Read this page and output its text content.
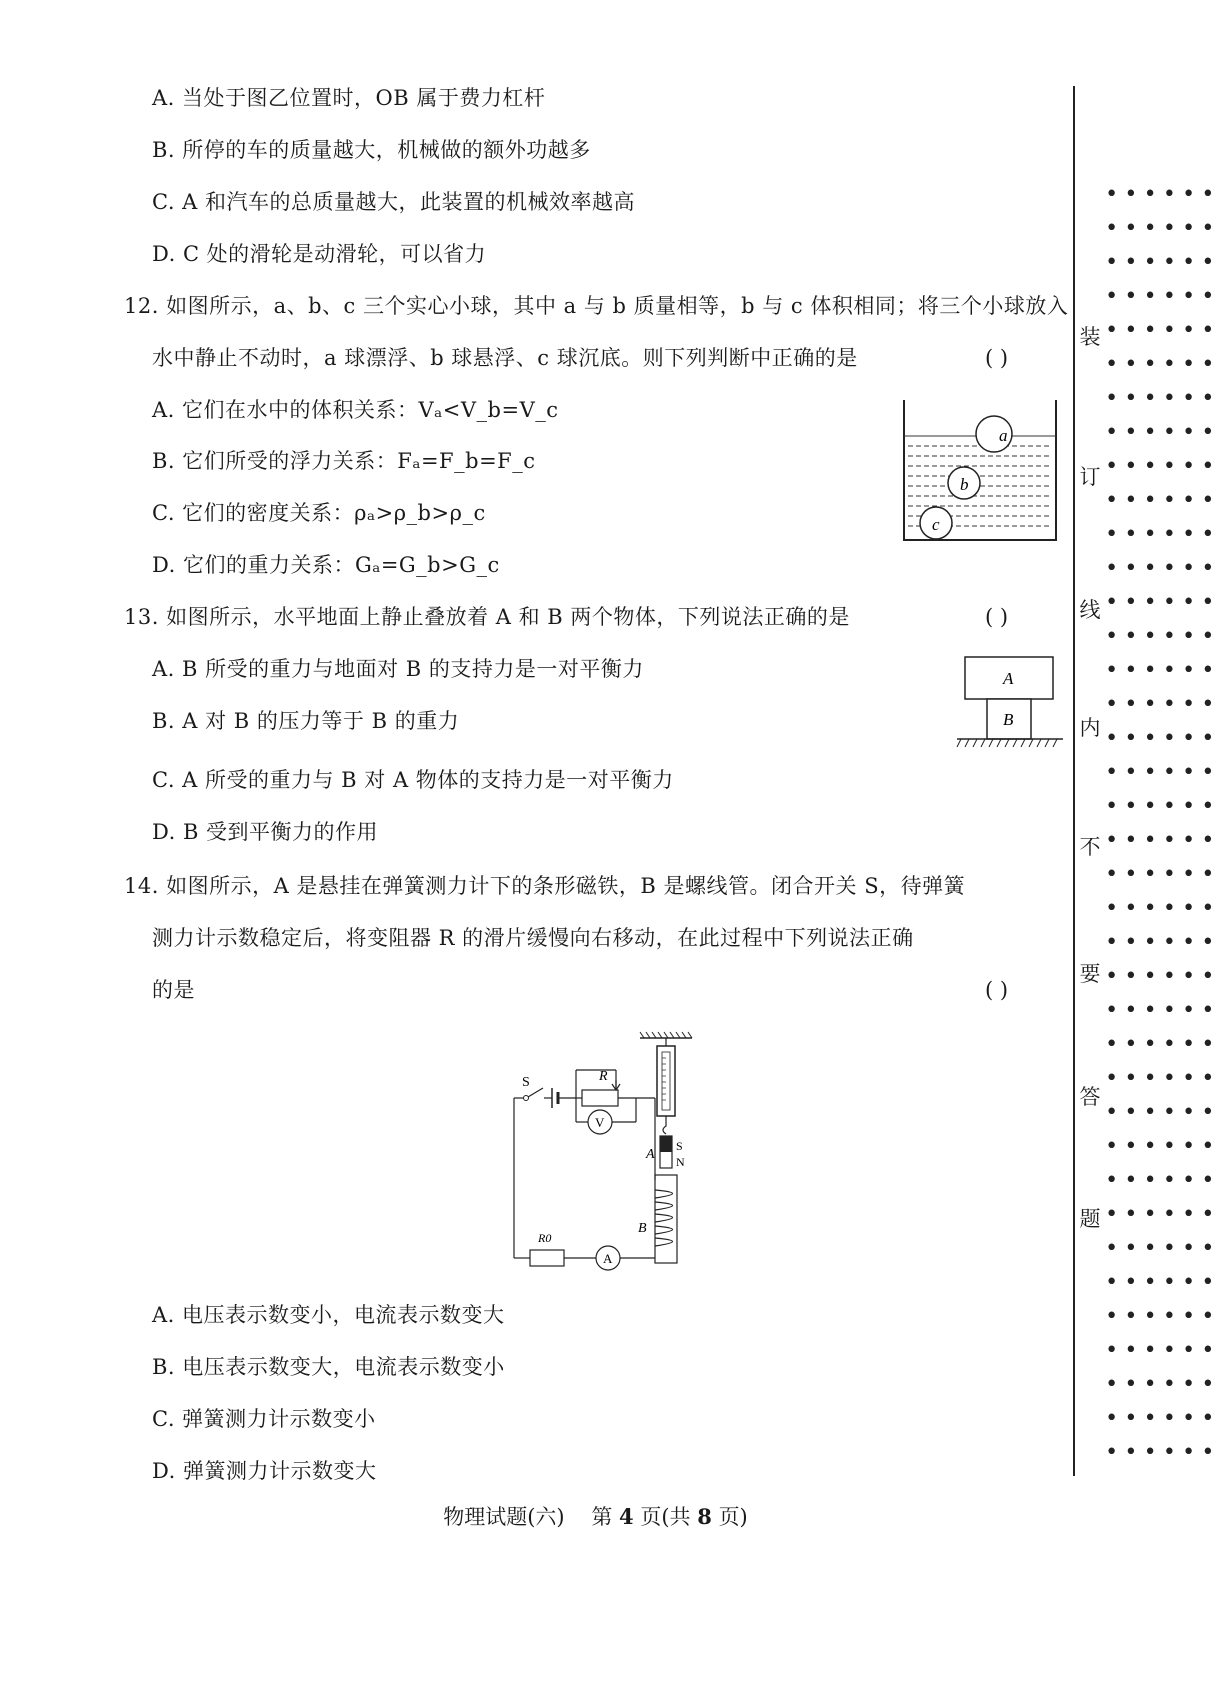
A. 当处于图乙位置时，OB 属于费力杠杆
B. 所停的车的质量越大，机械做的额外功越多
C. A 和汽车的总质量越大，此装置的机械效率越高
D. C 处的滑轮是动滑轮，可以省力
12. 如图所示，a、b、c 三个实心小球，其中 a 与 b 质量相等，b 与 c 体积相同；将三个小球放入
水中静止不动时，a 球漂浮、b 球悬浮、c 球沉底。则下列判断中正确的是	( )
A. 它们在水中的体积关系：Vₐ<V_b=V_c
B. 它们所受的浮力关系：Fₐ=F_b=F_c
C. 它们的密度关系：ρₐ>ρ_b>ρ_c
D. 它们的重力关系：Gₐ=G_b>G_c
a
b
c
13. 如图所示，水平地面上静止叠放着 A 和 B 两个物体，下列说法正确的是	( )
A. B 所受的重力与地面对 B 的支持力是一对平衡力
B. A 对 B 的压力等于 B 的重力
C. A 所受的重力与 B 对 A 物体的支持力是一对平衡力
D. B 受到平衡力的作用
A
B
14. 如图所示，A 是悬挂在弹簧测力计下的条形磁铁，B 是螺线管。闭合开关 S，待弹簧
测力计示数稳定后，将变阻器 R 的滑片缓慢向右移动，在此过程中下列说法正确
的是	( )
A
S
N
B
S	R
V
R0
A
A. 电压表示数变小，电流表示数变大
B. 电压表示数变大，电流表示数变小
C. 弹簧测力计示数变小
D. 弹簧测力计示数变大
物理试题(六) 第 4 页(共 8 页)
装
订
线
内
不
要
答
题
••••••
••••••
••••••
••••••
••••••
••••••
••••••
••••••
••••••
••••••
••••••
••••••
••••••
••••••
••••••
••••••
••••••
••••••
••••••
••••••
••••••
••••••
••••••
••••••
••••••
••••••
••••••
••••••
••••••
••••••
••••••
••••••
••••••
••••••
••••••
••••••
••••••
••••••
